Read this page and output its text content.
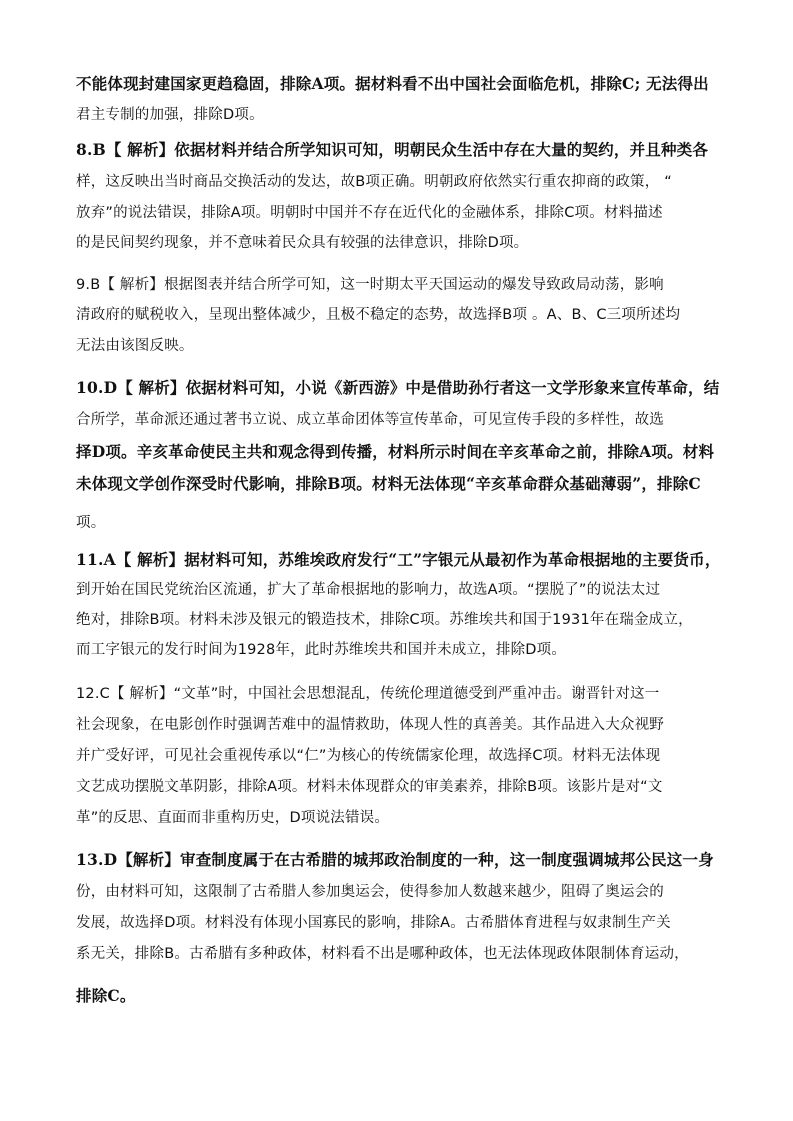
不能体现封建国家更趋稳固，排除A项。据材料看不出中国社会面临危机，排除C; 无法得出
君主专制的加强，排除D项。
8.B【 解析】依据材料并结合所学知识可知，明朝民众生活中存在大量的契约，并且种类各
样，这反映出当时商品交换活动的发达，故B项正确。明朝政府依然实行重农抑商的政策， “
放弃”的说法错误，排除A项。明朝时中国并不存在近代化的金融体系，排除C项。材料描述
的是民间契约现象，并不意味着民众具有较强的法律意识，排除D项。
9.B【 解析】根据图表并结合所学可知，这一时期太平天国运动的爆发导致政局动荡，影响
清政府的赋税收入，呈现出整体减少，且极不稳定的态势，故选择B项 。A、B、C三项所述均
无法由该图反映。
10.D【 解析】依据材料可知，小说《新西游》中是借助孙行者这一文学形象来宣传革命，结
合所学，革命派还通过著书立说、成立革命团体等宣传革命，可见宣传手段的多样性，故选
择D项。辛亥革命使民主共和观念得到传播，材料所示时间在辛亥革命之前，排除A项。材料
未体现文学创作深受时代影响，排除B项。材料无法体现“辛亥革命群众基础薄弱”，排除C
项。
11.A【 解析】据材料可知，苏维埃政府发行“工”字银元从最初作为革命根据地的主要货币，
到开始在国民党统治区流通，扩大了革命根据地的影响力，故选A项。“摆脱了”的说法太过
绝对，排除B项。材料未涉及银元的锻造技术，排除C项。苏维埃共和国于1931年在瑞金成立，
而工字银元的发行时间为1928年，此时苏维埃共和国并未成立，排除D项。
12.C【 解析】“文革”时，中国社会思想混乱，传统伦理道德受到严重冲击。谢晋针对这一
社会现象，在电影创作时强调苦难中的温情救助，体现人性的真善美。其作品进入大众视野
并广受好评，可见社会重视传承以“仁”为核心的传统儒家伦理，故选择C项。材料无法体现
文艺成功摆脱文革阴影，排除A项。材料未体现群众的审美素养，排除B项。该影片是对“文
革”的反思、直面而非重构历史，D项说法错误。
13.D【解析】审查制度属于在古希腊的城邦政治制度的一种，这一制度强调城邦公民这一身
份，由材料可知，这限制了古希腊人参加奥运会，使得参加人数越来越少，阻碍了奥运会的
发展，故选择D项。材料没有体现小国寡民的影响，排除A。古希腊体育进程与奴隶制生产关
系无关，排除B。古希腊有多种政体，材料看不出是哪种政体，也无法体现政体限制体育运动，
排除C。
